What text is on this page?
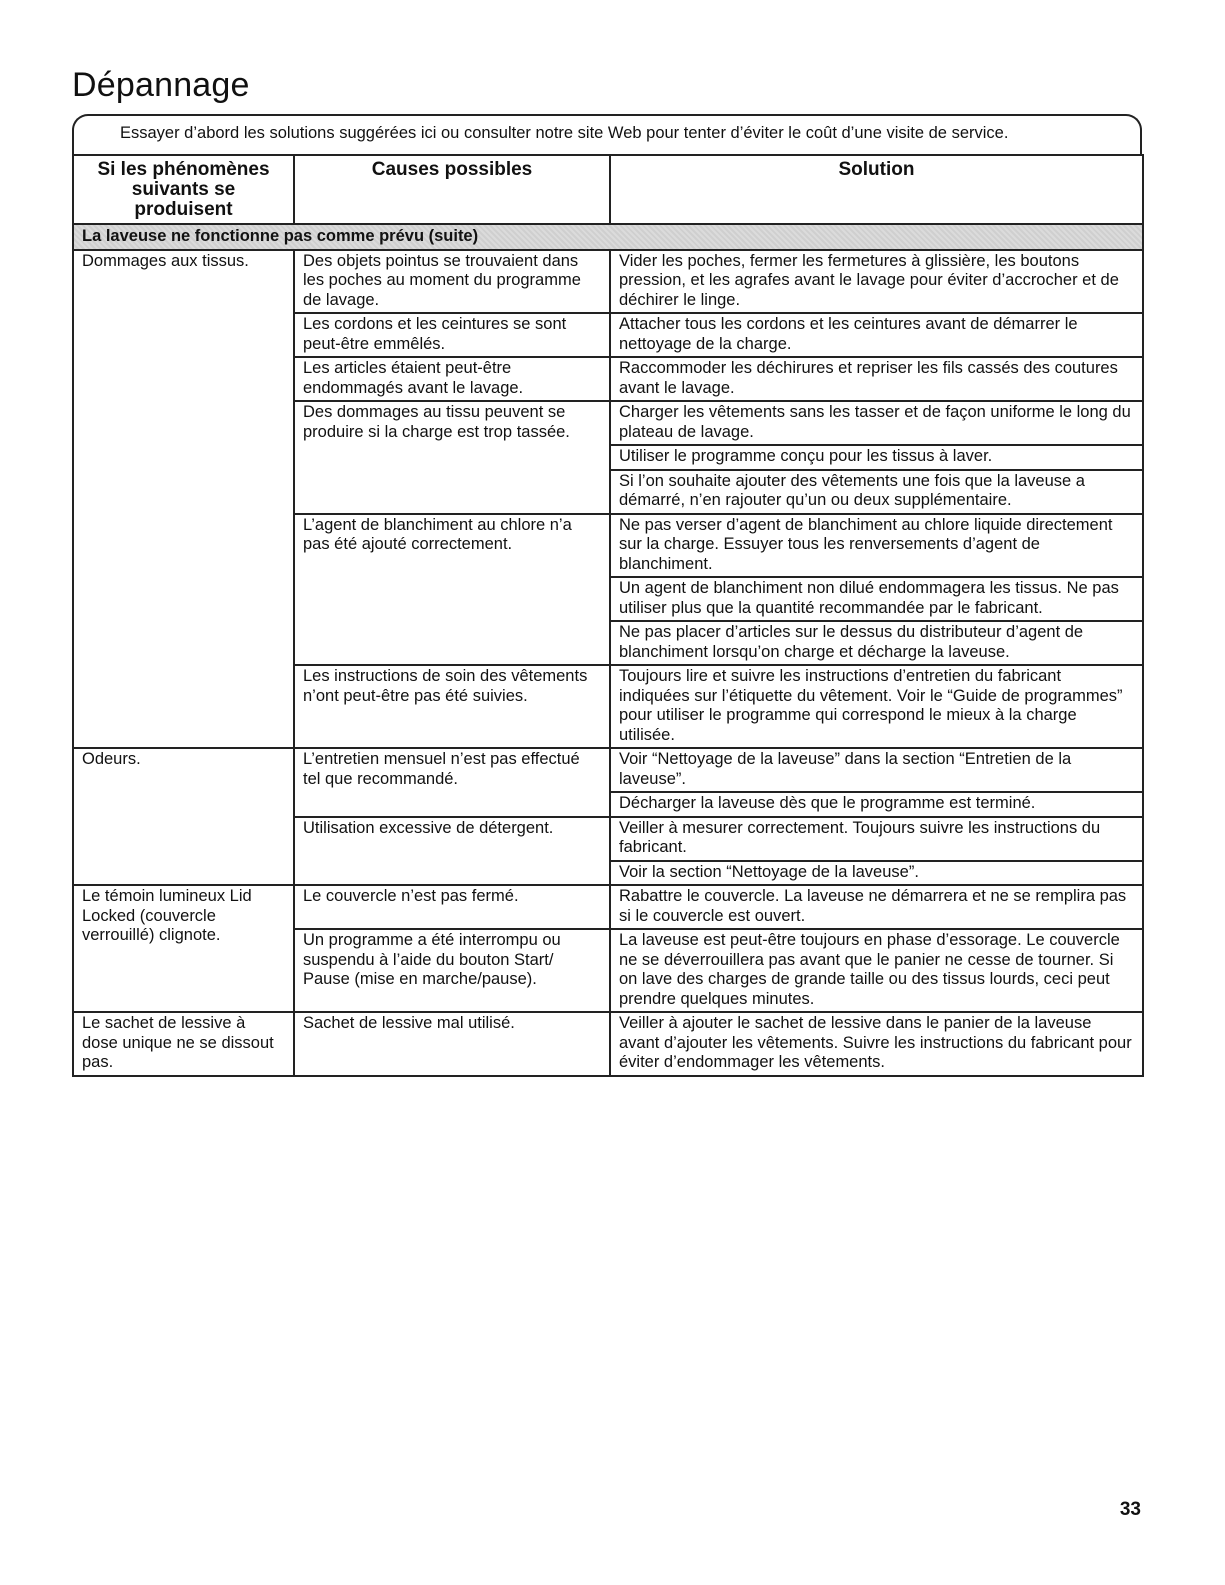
Dépannage
Essayer d’abord les solutions suggérées ici ou consulter notre site Web pour tenter d’éviter le coût d’une visite de service.
Si les phénomènes suivants se produisent	Causes possibles	Solution
La laveuse ne fonctionne pas comme prévu (suite)		
Dommages aux tissus.	Des objets pointus se trouvaient dans les poches au moment du programme de lavage.	Vider les poches, fermer les fermetures à glissière, les boutons pression, et les agrafes avant le lavage pour éviter d’accrocher et de déchirer le linge.
	Les cordons et les ceintures se sont peut-être emmêlés.	Attacher tous les cordons et les ceintures avant de démarrer le nettoyage de la charge.
	Les articles étaient peut-être endommagés avant le lavage.	Raccommoder les déchirures et repriser les fils cassés des coutures avant le lavage.
	Des dommages au tissu peuvent se produire si la charge est trop tassée.	Charger les vêtements sans les tasser et de façon uniforme le long du plateau de lavage.
		Utiliser le programme conçu pour les tissus à laver.
		Si l’on souhaite ajouter des vêtements une fois que la laveuse a démarré, n’en rajouter qu’un ou deux supplémentaire.
	L’agent de blanchiment au chlore n’a pas été ajouté correctement.	Ne pas verser d’agent de blanchiment au chlore liquide directement sur la charge. Essuyer tous les renversements d’agent de blanchiment.
		Un agent de blanchiment non dilué endommagera les tissus. Ne pas utiliser plus que la quantité recommandée par le fabricant.
		Ne pas placer d’articles sur le dessus du distributeur d’agent de blanchiment lorsqu’on charge et décharge la laveuse.
	Les instructions de soin des vêtements n’ont peut-être pas été suivies.	Toujours lire et suivre les instructions d’entretien du fabricant indiquées sur l’étiquette du vêtement. Voir le “Guide de programmes” pour utiliser le programme qui correspond le mieux à la charge utilisée.
Odeurs.	L’entretien mensuel n’est pas effectué tel que recommandé.	Voir “Nettoyage de la laveuse” dans la section “Entretien de la laveuse”.
		Décharger la laveuse dès que le programme est terminé.
	Utilisation excessive de détergent.	Veiller à mesurer correctement. Toujours suivre les instructions du fabricant.
		Voir la section “Nettoyage de la laveuse”.
Le témoin lumineux Lid Locked (couvercle verrouillé) clignote.	Le couvercle n’est pas fermé.	Rabattre le couvercle. La laveuse ne démarrera et ne se remplira pas si le couvercle est ouvert.
	Un programme a été interrompu ou suspendu à l’aide du bouton Start/ Pause (mise en marche/pause).	La laveuse est peut-être toujours en phase d’essorage. Le couvercle ne se déverrouillera pas avant que le panier ne cesse de tourner. Si on lave des charges de grande taille ou des tissus lourds, ceci peut prendre quelques minutes.
Le sachet de lessive à dose unique ne se dissout pas.	Sachet de lessive mal utilisé.	Veiller à ajouter le sachet de lessive dans le panier de la laveuse avant d’ajouter les vêtements. Suivre les instructions du fabricant pour éviter d’endommager les vêtements.
33
